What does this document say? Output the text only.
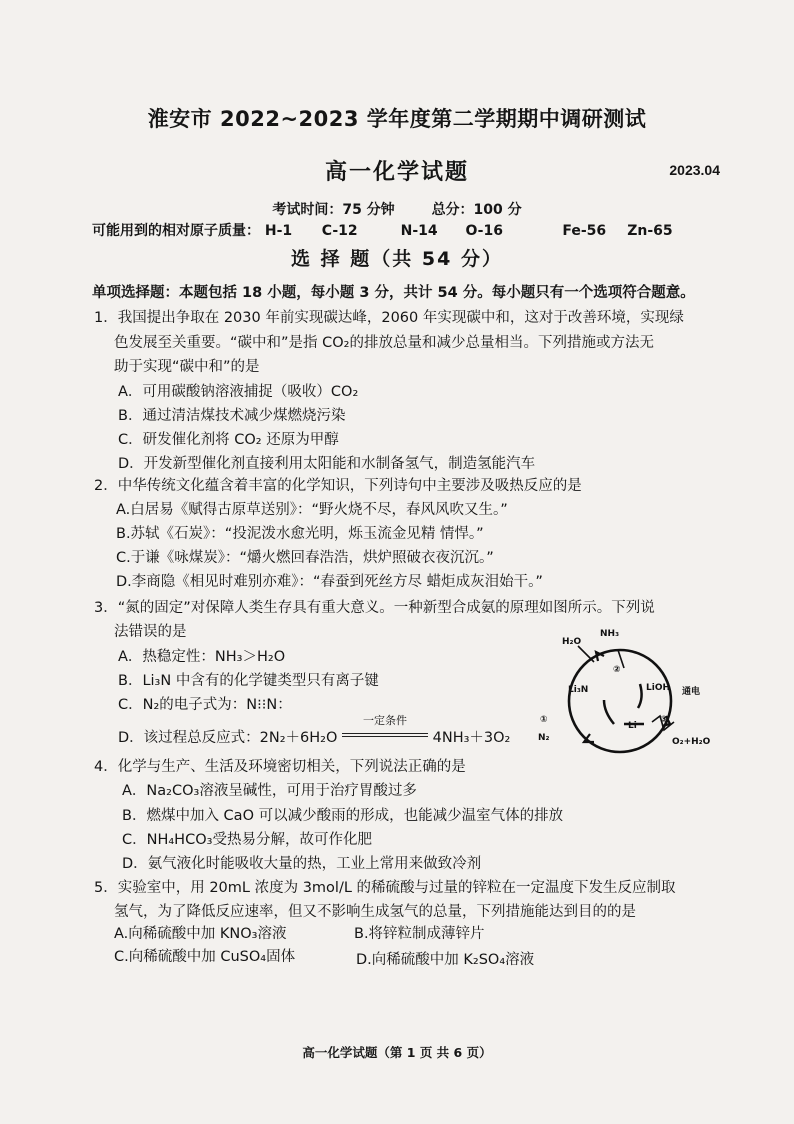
淮安市 2022~2023 学年度第二学期期中调研测试
高一化学试题	2023.04
考试时间：75 分钟	总分：100 分
可能用到的相对原子质量： H-1 C-12	N-14 O-16	Fe-56 Zn-65
选 择 题（共 54 分）
单项选择题：本题包括 18 小题，每小题 3 分，共计 54 分。每小题只有一个选项符合题意。
1．我国提出争取在 2030 年前实现碳达峰，2060 年实现碳中和，这对于改善环境，实现绿
色发展至关重要。“碳中和”是指 CO₂的排放总量和减少总量相当。下列措施或方法无
助于实现“碳中和”的是
A．可用碳酸钠溶液捕捉（吸收）CO₂
B．通过清洁煤技术减少煤燃烧污染
C．研发催化剂将 CO₂ 还原为甲醇
D．开发新型催化剂直接利用太阳能和水制备氢气，制造氢能汽车
2．中华传统文化蕴含着丰富的化学知识，下列诗句中主要涉及吸热反应的是
A.白居易《赋得古原草送别》：“野火烧不尽，春风风吹又生。”
B.苏轼《石炭》：“投泥泼水愈光明，烁玉流金见精 情悍。”
C.于谦《咏煤炭》：“爝火燃回春浩浩，烘炉照破衣夜沉沉。”
D.李商隐《相见时难别亦难》：“春蚕到死丝方尽 蜡炬成灰泪始干。”
3．“氮的固定”对保障人类生存具有重大意义。一种新型合成氨的原理如图所示。下列说
法错误的是
A．热稳定性：NH₃＞H₂O
B．Li₃N 中含有的化学键类型只有离子键
C．N₂的电子式为：N⁝⁝N：
D．该过程总反应式：2N₂＋6H₂O
一定条件
4NH₃＋3O₂
H₂O
NH₃
②
Li₃N	LiOH 通电
Li
①	③
N₂	O₂+H₂O
4．化学与生产、生活及环境密切相关，下列说法正确的是
A．Na₂CO₃溶液呈碱性，可用于治疗胃酸过多
B．燃煤中加入 CaO 可以减少酸雨的形成，也能减少温室气体的排放
C．NH₄HCO₃受热易分解，故可作化肥
D．氨气液化时能吸收大量的热，工业上常用来做致冷剂
5．实验室中，用 20mL 浓度为 3mol/L 的稀硫酸与过量的锌粒在一定温度下发生反应制取
氢气，为了降低反应速率，但又不影响生成氢气的总量，下列措施能达到目的的是
A.向稀硫酸中加 KNO₃溶液	B.将锌粒制成薄锌片
C.向稀硫酸中加 CuSO₄固体	D.向稀硫酸中加 K₂SO₄溶液
高一化学试题（第 1 页 共 6 页）
